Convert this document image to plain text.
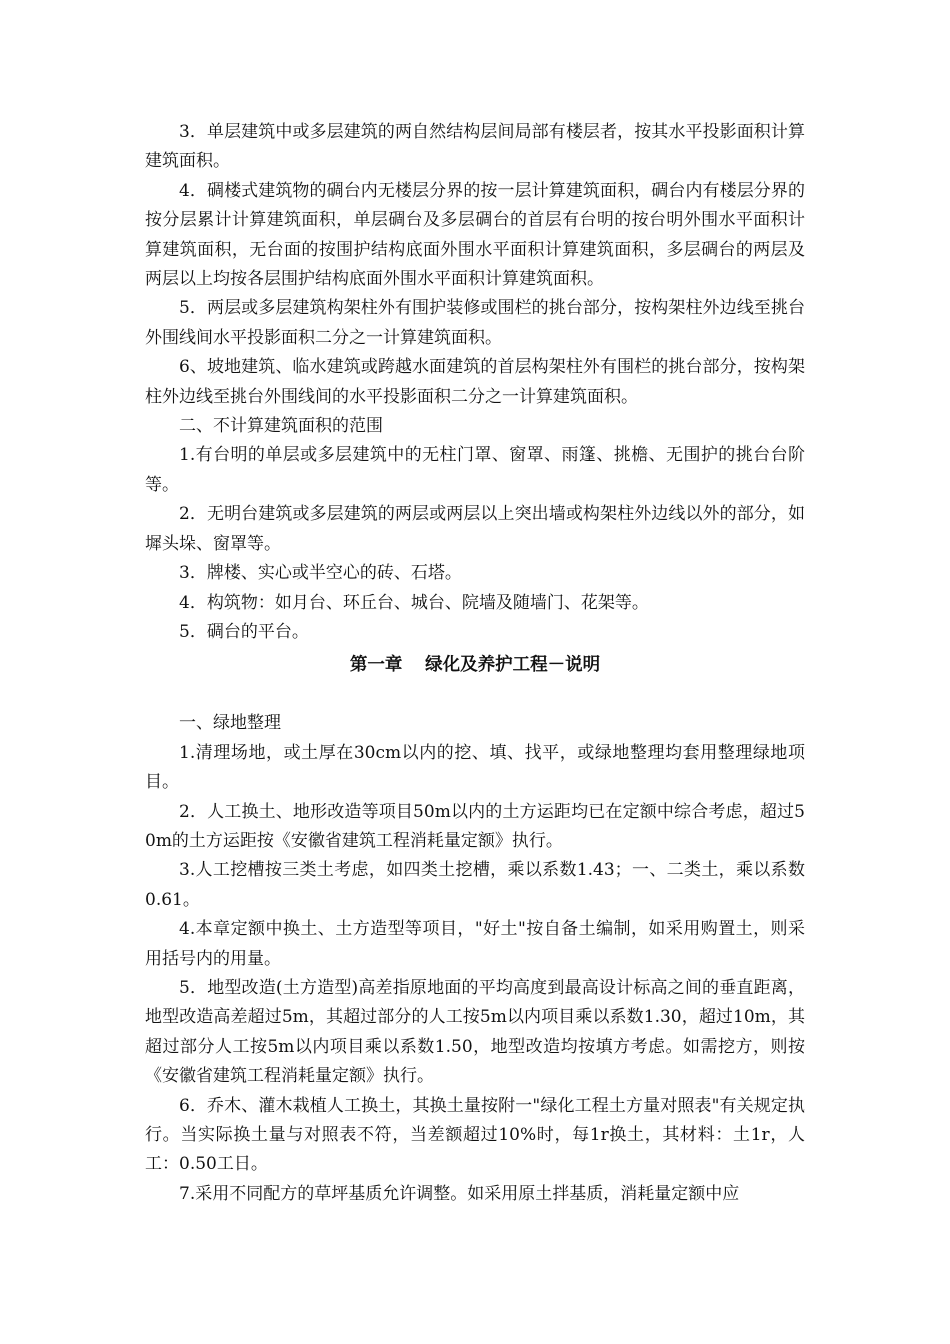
3．单层建筑中或多层建筑的两自然结构层间局部有楼层者，按其水平投影面积计算建筑面积。

4．碉楼式建筑物的碉台内无楼层分界的按一层计算建筑面积，碉台内有楼层分界的按分层累计计算建筑面积，单层碉台及多层碉台的首层有台明的按台明外围水平面积计算建筑面积，无台面的按围护结构底面外围水平面积计算建筑面积，多层碉台的两层及两层以上均按各层围护结构底面外围水平面积计算建筑面积。

5．两层或多层建筑构架柱外有围护装修或围栏的挑台部分，按构架柱外边线至挑台外围线间水平投影面积二分之一计算建筑面积。

6、坡地建筑、临水建筑或跨越水面建筑的首层构架柱外有围栏的挑台部分，按构架柱外边线至挑台外围线间的水平投影面积二分之一计算建筑面积。

二、不计算建筑面积的范围

1.有台明的单层或多层建筑中的无柱门罩、窗罩、雨篷、挑檐、无围护的挑台台阶等。

2．无明台建筑或多层建筑的两层或两层以上突出墙或构架柱外边线以外的部分，如墀头垛、窗罩等。

3．牌楼、实心或半空心的砖、石塔。

4．构筑物：如月台、环丘台、城台、院墙及随墙门、花架等。

5．碉台的平台。

第一章 绿化及养护工程－说明

一、绿地整理

1.清理场地，或土厚在30cm以内的挖、填、找平，或绿地整理均套用整理绿地项目。

2．人工换土、地形改造等项目50m以内的土方运距均已在定额中综合考虑，超过50m的土方运距按《安徽省建筑工程消耗量定额》执行。

3.人工挖槽按三类土考虑，如四类土挖槽，乘以系数1.43；一、二类土，乘以系数0.61。

4.本章定额中换土、土方造型等项目，"好土"按自备土编制，如采用购置土，则采用括号内的用量。

5．地型改造(土方造型)高差指原地面的平均高度到最高设计标高之间的垂直距离，地型改造高差超过5m，其超过部分的人工按5m以内项目乘以系数1.30，超过10m，其超过部分人工按5m以内项目乘以系数1.50，地型改造均按填方考虑。如需挖方，则按《安徽省建筑工程消耗量定额》执行。

6．乔木、灌木栽植人工换土，其换土量按附一"绿化工程土方量对照表"有关规定执行。当实际换土量与对照表不符，当差额超过10%时，每1r换土，其材料：土1r，人工：0.50工日。

7.采用不同配方的草坪基质允许调整。如采用原土拌基质，消耗量定额中应
